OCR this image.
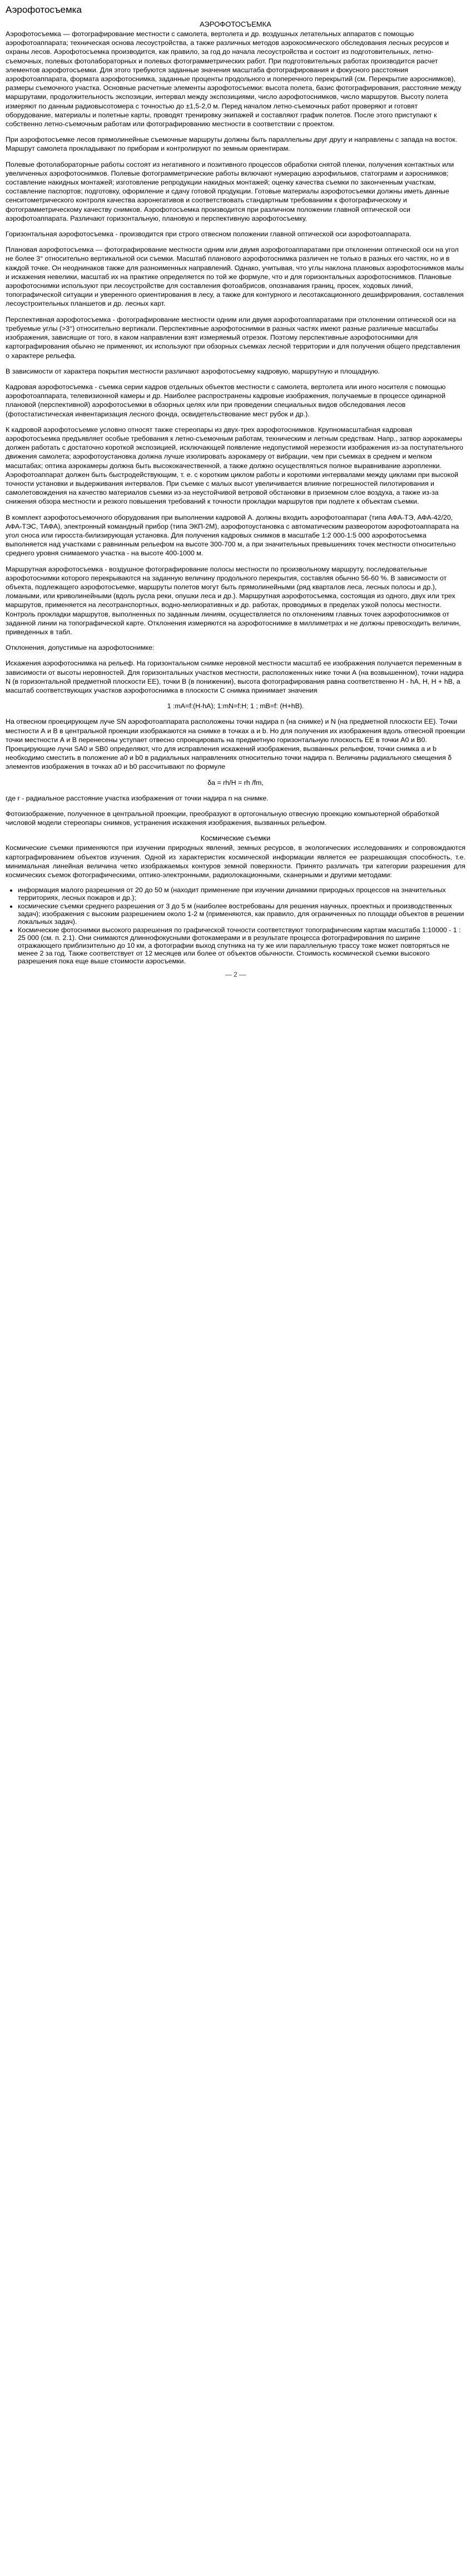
Аэрофотосъемка
АЭРОФОТОСЪЕМКА

Аэрофотосъемка — фотографирование местности с самолета, вертолета и др. воздушных летательных аппаратов с помощью аэрофотоаппарата; техническая основа лесоустройства, а также различных методов аэрокосмического обследования лесных ресурсов и охраны лесов. Аэрофотосъемка производится, как правило, за год до начала лесоустройства и состоит из подготовительных, летно-съемочных, полевых фотолабораторных и полевых фотограмметрических работ. При подготовительных работах производится расчет элементов аэрофотосъемки. Для этого требуются заданные значения масштаба фотографирования и фокусного расстояния аэрофотоаппарата, формата аэрофотоснимка, заданные проценты продольного и поперечного перекрытий (см. Перекрытие аэроснимков), размеры съемочного участка. Основные расчетные элементы аэрофотосъемки: высота полета, базис фотографирования, расстояние между маршрутами, продолжительность экспозиции, интервал между экспозициями, число аэрофотоснимков, число маршрутов. Высоту полета измеряют по данным радиовысотомера с точностью до ±1,5-2,0 м. Перед началом летно-съемочных работ проверяют и готовят оборудование, материалы и полетные карты, проводят тренировку экипажей и составляют график полетов. После этого приступают к собственно летно-съемочным работам или фотографированию местности в соответствии с проектом.

При аэрофотосъемке лесов прямолинейные съемочные маршруты должны быть параллельны друг другу и направлены с запада на восток. Маршрут самолета прокладывают по приборам и контролируют по земным ориентирам.

Полевые фотолабораторные работы состоят из негативного и позитивного процессов обработки снятой пленки, получения контактных или увеличенных аэрофотоснимков. Полевые фотограмметрические работы включают нумерацию аэрофильмов, статограмм и аэроснимков; составление накидных монтажей; изготовление репродукции накидных монтажей; оценку качества съемки по законченным участкам, составление паспортов; подготовку, оформление и сдачу готовой продукции. Готовые материалы аэрофотосъемки должны иметь данные сенситометрического контроля качества аэронегативов и соответствовать стандартным требованиям к фотографическому и фотограмметрическому качеству снимков. Аэрофотосъемка производится при различном положении главной оптической оси аэрофотоаппарата. Различают горизонтальную, плановую и перспективную аэрофотосъемку.

Горизонтальная аэрофотосъемка - производится при строго отвесном положении главной оптической оси аэрофотоаппарата.

Плановая аэрофотосъемка — фотографирование местности одним или двумя аэрофотоаппаратами при отклонении оптической оси на угол не более 3° относительно вертикальной оси съемки. Масштаб планового аэрофотоснимка различен не только в разных его частях, но и в каждой точке. Он неоднинаков также для разноименных направлений. Однако, учитывая, что углы наклона плановых аэрофотоснимков малы и искажения невелики, масштаб их на практике определяется по той же формуле, что и для горизонтальных аэрофотоснимков. Плановые аэрофотоснимки используют при лесоустройстве для составления фотоабрисов, опознавания границ, просек, ходовых линий, топографической ситуации и уверенного ориентирования в лесу, а также для контурного и лесотаксационного дешифрирования, составления лесоустроительных планшетов и др. лесных карт.

Перспективная аэрофотосъемка - фотографирование местности одним или двумя аэрофотоаппаратами при отклонении оптической оси на требуемые углы (>3°) относительно вертикали. Перспективные аэрофотоснимки в разных частях имеют разные различные масштабы изображения, зависящие от того, в каком направлении взят измеряемый отрезок. Поэтому перспективные аэрофотоснимки для картографирования обычно не применяют, их используют при обзорных съемках лесной территории и для получения общего представления о характере рельефа.

В зависимости от характера покрытия местности различают аэрофотосъемку кадровую, маршрутную и площадную.

Кадровая аэрофотосъемка - съемка серии кадров отдельных объектов местности с самолета, вертолета или иного носителя с помощью аэрофотоаппарата, телевизионной камеры и др. Наиболее распространены кадровые изображения, получаемые в процессе одинарной плановой (перспективной) аэрофотосъемки в обзорных целях или при проведении специальных видов обследования лесов (фотостатистическая инвентаризация лесного фонда, освидетельствование мест рубок и др.).

К кадровой аэрофотосъемке условно относят также стереопары из двух-трех аэрофотоснимков. Крупномасштабная кадровая аэрофотосъемка предъявляет особые требования к летно-съемочным работам, техническим и летным средствам. Напр., затвор аэрокамеры должен работать с достаточно короткой экспозицией, исключающей появление недопустимой нерезкости изображения из-за поступательного движения самолета; аэрофотоустановка должна лучше изолировать аэрокамеру от вибрации, чем при съемках в среднем и мелком масштабах; оптика аэрокамеры должна быть высококачественной, а также должно осуществляться полное выравнивание аэропленки. Аэрофотоаппарат должен быть быстродействующим, т. е. с коротким циклом работы и короткими интервалами между циклами при высокой точности установки и выдерживания интервалов. При съемке с малых высот увеличивается влияние погрешностей пилотирования и самолетовождения на качество материалов съемки из-за неустойчивой ветровой обстановки в приземном слое воздуха, а также из-за снижения обзора местности и резкого повышения требований к точности прокладки маршрутов при подлете к объектам съемки.

В комплект аэрофотосъемочного оборудования при выполнении кадровой А. должны входить аэрофотоаппарат (типа АФА-ТЭ, АФА-42/20, АФА-ТЭС, ТАФА), электронный командный прибор (типа ЭКП-2М), аэрофотоустановка с автоматическим развеоротом аэрофотоаппарата на угол сноса или гиросста-билизирующая установка. Для получения кадровых снимков в масштабе 1:2 000-1:5 000 аэрофотосъемка выполняется над участками с равнинным рельефом на высоте 300-700 м, а при значительных превышениях точек местности относительно среднего уровня снимаемого участка - на высоте 400-1000 м.

Маршрутная аэрофотосъемка - воздушное фотографирование полосы местности по произвольному маршруту, последовательные аэрофотоснимки которого перекрываются на заданную величину продольного перекрытия, составляя обычно 56-60 %. В зависимости от объекта, подлежащего аэрофотосъемке, маршруты полетов могут быть прямолинейными (ряд кварталов леса, лесных полосы и др.), ломаными, или криволинейными (вдоль русла реки, опушки леса и др.). Маршрутная аэрофотосъемка, состоящая из одного, двух или трех маршрутов, применяется на лесотранспортных, водно-мелиоративных и др. работах, проводимых в пределах узкой полосы местности. Контроль прокладки маршрутов, выполненных по заданным линиям, осуществляется по отклонениям главных точек аэрофотоснимков от заданной линии на топографической карте. Отклонения измеряются на аэрофотоснимке в миллиметрах и не должны превосходить величин, приведенных в табл.

Отклонения, допустимые на аэрофотоснимке:

Искажения аэрофотоснимка на рельеф. На горизонтальном снимке неровной местности масштаб ее изображения получается переменным в зависимости от высоты неровностей. Для горизонтальных участков местности, расположенных ниже точки А (на возвышенном), точки надира N (в горизонтальной предметной плоскости ЕЕ), точки В (в понижении), высота фотографирования равна соответственно H - hA, Н, Н + hB, а масштаб соответствующих участков аэрофотоснимка в плоскости С снимка принимает значения

1 :mA=f:(H-hA); 1:mN=f:H; 1 ; mB=f: (H+hB).

На отвесном проецирующем луче SN аэрофотоаппарата расположены точки надира n (на снимке) и N (на предметной плоскости ЕЕ). Точки местности А и В в центральной проекции изображаются на снимке в точках a и b. Но для получения их изображения вдоль отвесной проекции точки местности А и В перенесены уступает отвесно спроецировать на предметную горизонтальную плоскость ЕЕ в точки A0 и B0. Проецирующие лучи SA0 и SB0 определяют, что для исправления искажений изображения, вызванных рельефом, точки снимка a и b необходимо сместить в положение a0 и b0 в радиальных направлениях относительно точки надира n. Величины радиального смещения δ элементов изображения в точках a0 и b0 рассчитывают по формуле

δa = rh/H = rh /fm,

где r - радиальное расстояние участка изображения от точки надира n на снимке.

Фотоизображение, полученное в центральной проекции, преобразуют в ортогональную отвесную проекцию компьютерной обработкой числовой модели стереопары снимков, устранения искажения изображения, вызванных рельефом.

Космические съемки

Космические съемки применяются при изучении природных явлений, земных ресурсов, в экологических исследованиях и сопровождаются картографированием объектов изучения. Одной из характеристик космической информации является ее разрешающая способность, т.е. минимальная линейная величина четко изображаемых контуров земной поверхности. Принято различать три категории разрешения для космических съемок фотографическими, оптико-электронными, радиолокационными, сканерными и другими методами:

• информация малого разрешения от 20 до 50 м (находит применение при изучении динамики природных процессов на значительных территориях, лесных пожаров и др.);
• космические съемки среднего разрешения от 3 до 5 м (наиболее востребованы для решения научных, проектных и производственных задач); изображения с высоким разрешением около 1-2 м (применяются, как правило, для ограниченных по площади объектов в решении локальных задач).
• Космические фотоснимки высокого разрешения по графической точности соответствуют топографическим картам масштаба 1:10000 - 1 : 25 000 (см. п. 2.1). Они снимаются длиннофокусными фотокамерами и в результате процесса фотографирования по ширине отражающего приблизительно до 10 км, а фотографии выход спутника на ту же или параллельную трассу тоже может повторяться не менее 2 за год. Также соответствует от 12 месяцев или более от объектов обычности. Стоимость космической съемки высокого разрешения пока еще выше стоимости аэросъемки.
— 2 —
